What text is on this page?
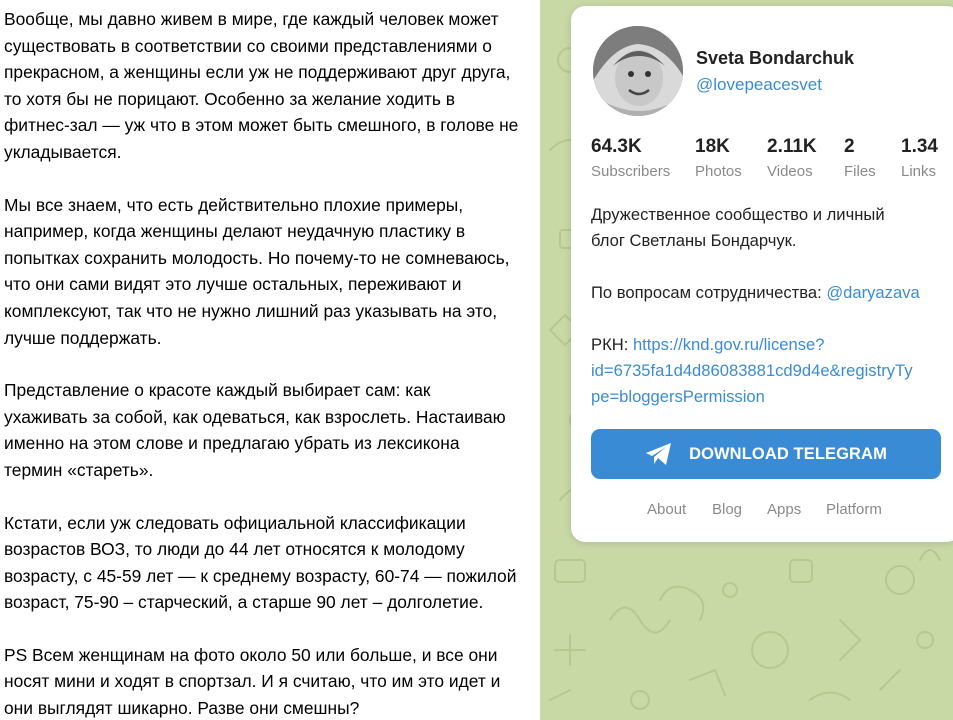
Вообще, мы давно живем в мире, где каждый человек может
существовать в соответствии со своими представлениями о
прекрасном, а женщины если уж не поддерживают друг друга,
то хотя бы не порицают. Особенно за желание ходить в
фитнес-зал — уж что в этом может быть смешного, в голове не
укладывается.

Мы все знаем, что есть действительно плохие примеры,
например, когда женщины делают неудачную пластику в
попытках сохранить молодость. Но почему-то не сомневаюсь,
что они сами видят это лучше остальных, переживают и
комплексуют, так что не нужно лишний раз указывать на это,
лучше поддержать.

Представление о красоте каждый выбирает сам: как
ухаживать за собой, как одеваться, как взрослеть. Настаиваю
именно на этом слове и предлагаю убрать из лексикона
термин «стареть».

Кстати, если уж следовать официальной классификации
возрастов ВОЗ, то люди до 44 лет относятся к молодому
возрасту, с 45-59 лет — к среднему возрасту, 60-74 — пожилой
возраст, 75-90 – старческий, а старше 90 лет – долголетие.

PS Всем женщинам на фото около 50 или больше, и все они
носят мини и ходят в спортзал. И я считаю, что им это идет и
они выглядят шикарно. Разве они смешны?

Sveta Bondarchuk
@lovepeacesvet
64.3K
Subscribers
18K
Photos
2.11K
Videos
2
Files
1.34
Links
Дружественное сообщество и личный
блог Светланы Бондарчук.
По вопросам сотрудничества: @daryazava
РКН: https://knd.gov.ru/license?
id=6735fa1d4d86083881cd9d4e&registryTy
pe=bloggersPermission
DOWNLOAD TELEGRAM
About Blog Apps Platform
